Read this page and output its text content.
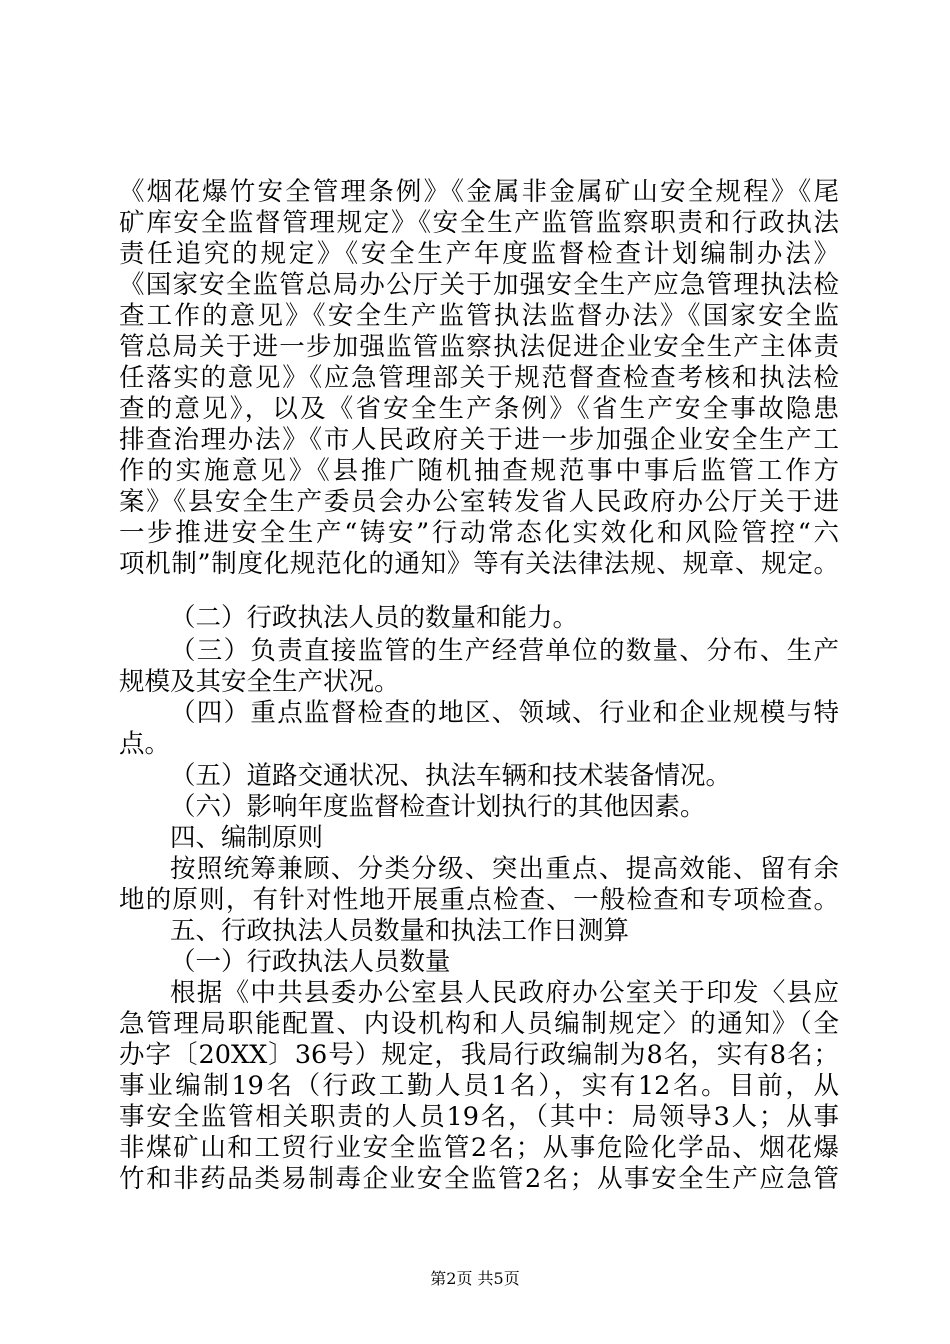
《烟花爆竹安全管理条例》《金属非金属矿山安全规程》《尾
矿库安全监督管理规定》《安全生产监管监察职责和行政执法
责任追究的规定》《安全生产年度监督检查计划编制办法》
《国家安全监管总局办公厅关于加强安全生产应急管理执法检
查工作的意见》《安全生产监管执法监督办法》《国家安全监
管总局关于进一步加强监管监察执法促进企业安全生产主体责
任落实的意见》《应急管理部关于规范督查检查考核和执法检
查的意见》，以及《省安全生产条例》《省生产安全事故隐患
排查治理办法》《市人民政府关于进一步加强企业安全生产工
作的实施意见》《县推广随机抽查规范事中事后监管工作方
案》《县安全生产委员会办公室转发省人民政府办公厅关于进
一步推进安全生产“铸安”行动常态化实效化和风险管控“六
项机制”制度化规范化的通知》等有关法律法规、规章、规定。
（二）行政执法人员的数量和能力。
（三）负责直接监管的生产经营单位的数量、分布、生产
规模及其安全生产状况。
（四）重点监督检查的地区、领域、行业和企业规模与特
点。
（五）道路交通状况、执法车辆和技术装备情况。
（六）影响年度监督检查计划执行的其他因素。
四、编制原则
按照统筹兼顾、分类分级、突出重点、提高效能、留有余
地的原则，有针对性地开展重点检查、一般检查和专项检查。
五、行政执法人员数量和执法工作日测算
（一）行政执法人员数量
根据《中共县委办公室县人民政府办公室关于印发〈县应
急管理局职能配置、内设机构和人员编制规定〉的通知》（全
办字〔20XX〕36号）规定，我局行政编制为8名，实有8名；
事业编制19名（行政工勤人员1名），实有12名。目前，从
事安全监管相关职责的人员19名，（其中：局领导3人；从事
非煤矿山和工贸行业安全监管2名；从事危险化学品、烟花爆
竹和非药品类易制毒企业安全监管2名；从事安全生产应急管
第2页 共5页
